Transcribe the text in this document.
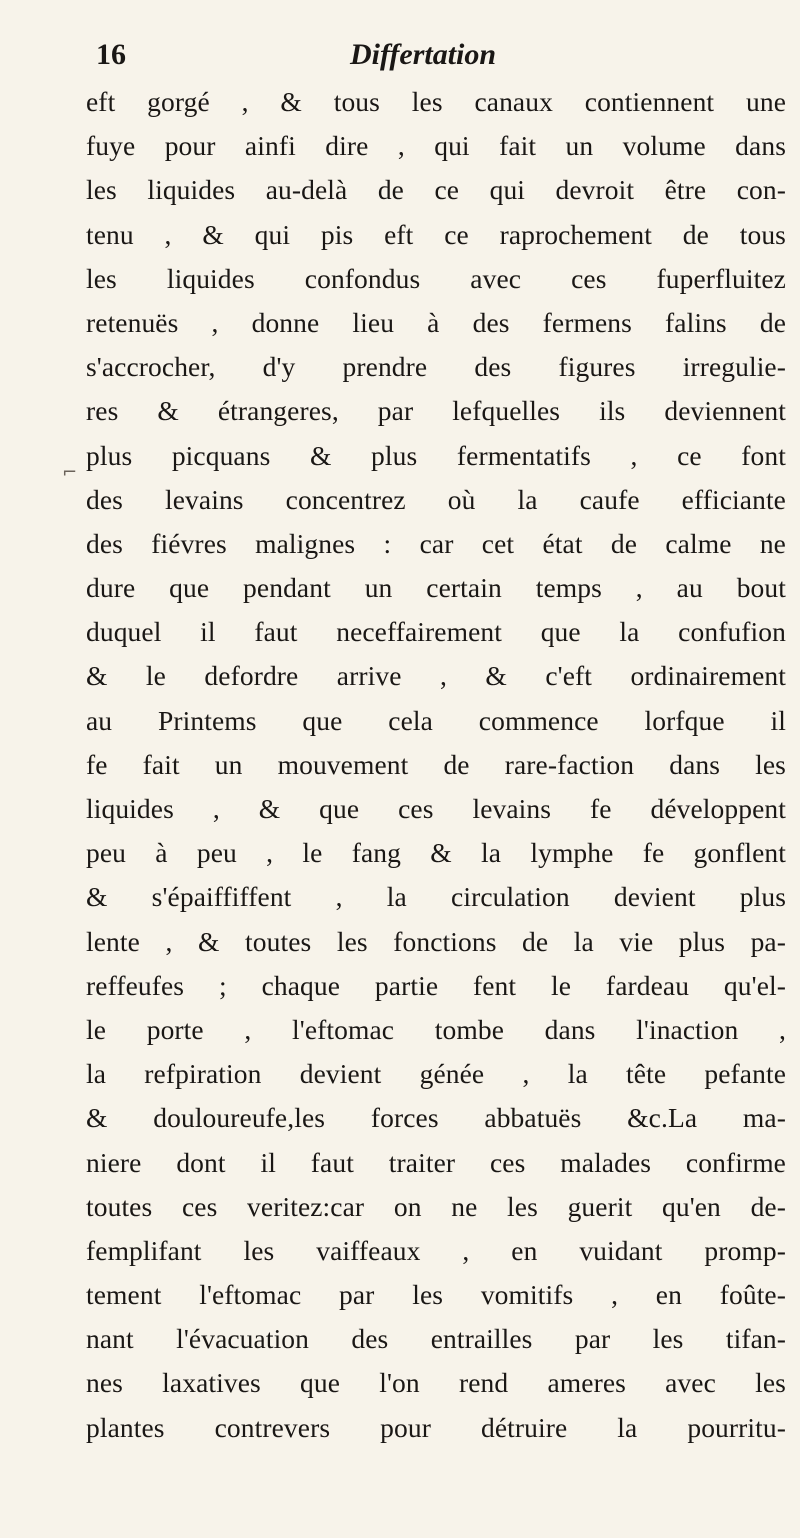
16	Differtation
⌐
eft gorgé , & tous les canaux contiennent une
fuye pour ainfi dire , qui fait un volume dans
les liquides au-delà de ce qui devroit être con-
tenu , & qui pis eft ce raprochement de tous
les liquides confondus avec ces fuperfluitez
retenuës , donne lieu à des fermens falins de
s'accrocher, d'y prendre des figures irregulie-
res & étrangeres, par lefquelles ils deviennent
plus picquans & plus fermentatifs , ce font
des levains concentrez où la caufe efficiante
des fiévres malignes : car cet état de calme ne
dure que pendant un certain temps , au bout
duquel il faut neceffairement que la confufion
& le defordre arrive , & c'eft ordinairement
au Printems que cela commence lorfque il
fe fait un mouvement de rare-faction dans les
liquides , & que ces levains fe développent
peu à peu , le fang & la lymphe fe gonflent
& s'épaiffiffent , la circulation devient plus
lente , & toutes les fonctions de la vie plus pa-
reffeufes ; chaque partie fent le fardeau qu'el-
le porte , l'eftomac tombe dans l'inaction ,
la refpiration devient génée , la tête pefante
& douloureufe,les forces abbatuës &c.La ma-
niere dont il faut traiter ces malades confirme
toutes ces veritez:car on ne les guerit qu'en de-
femplifant les vaiffeaux , en vuidant promp-
tement l'eftomac par les vomitifs , en foûte-
nant l'évacuation des entrailles par les tifan-
nes laxatives que l'on rend ameres avec les
plantes contrevers pour détruire la pourritu-
